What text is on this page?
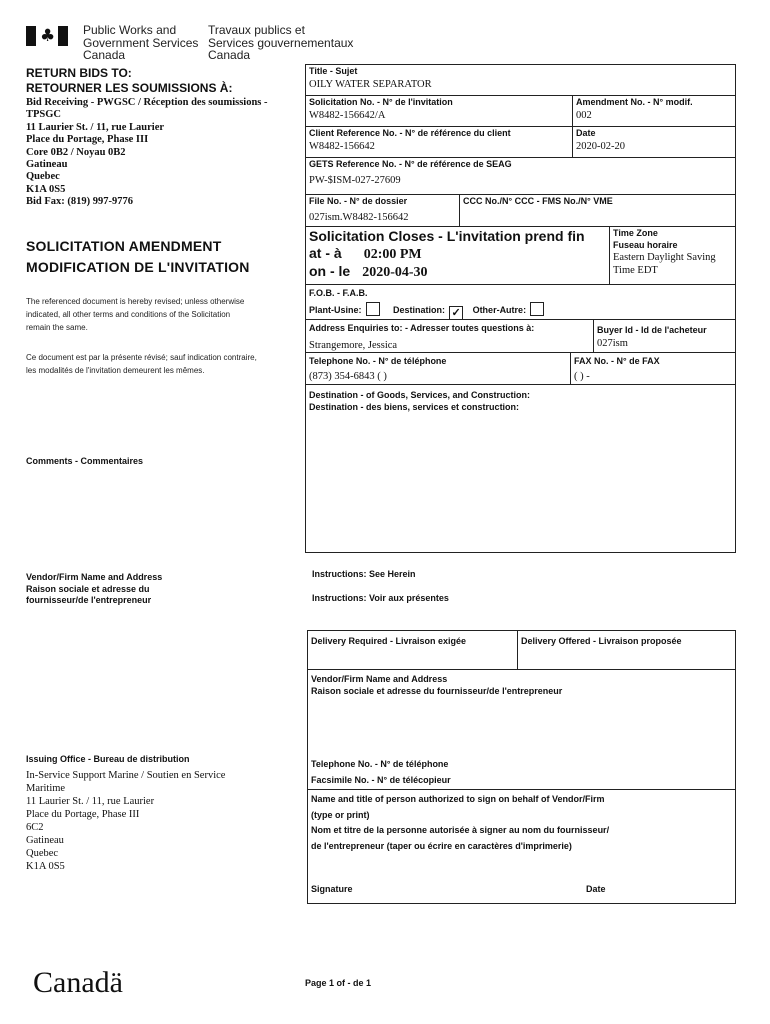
♣ Public Works and
Government Services
Canada
Travaux publics et
Services gouvernementaux
Canada
RETURN BIDS TO:
RETOURNER LES SOUMISSIONS À:
Bid Receiving - PWGSC / Réception des soumissions -
TPSGC
11 Laurier St. / 11, rue Laurier
Place du Portage, Phase III
Core 0B2 / Noyau 0B2
Gatineau
Quebec
K1A 0S5
Bid Fax: (819) 997-9776
SOLICITATION AMENDMENT
MODIFICATION DE L'INVITATION
The referenced document is hereby revised; unless otherwise
indicated, all other terms and conditions of the Solicitation
remain the same.
Ce document est par la présente révisé; sauf indication contraire,
les modalités de l'invitation demeurent les mêmes.
Comments - Commentaires
Vendor/Firm Name and Address
Raison sociale et adresse du
fournisseur/de l'entrepreneur
Issuing Office - Bureau de distribution
In-Service Support Marine / Soutien en Service
Maritime
11 Laurier St. / 11, rue Laurier
Place du Portage, Phase III
6C2
Gatineau
Quebec
K1A 0S5
Title - Sujet
OILY WATER SEPARATOR
Solicitation No. - N° de l'invitation
W8482-156642/A
Amendment No. - N° modif.
002
Client Reference No. - N° de référence du client
W8482-156642
Date
2020-02-20
GETS Reference No. - N° de référence de SEAG
PW-$ISM-027-27609
File No. - N° de dossier
027ism.W8482-156642
CCC No./N° CCC - FMS No./N° VME
Solicitation Closes - L'invitation prend fin
at - à 02:00 PM
on - le 2020-04-30
Time Zone
Fuseau horaire
Eastern Daylight Saving
Time EDT
F.O.B. - F.A.B.
Plant-Usine:	Destination: ✓ Other-Autre:
Address Enquiries to: - Adresser toutes questions à:
Strangemore, Jessica
Buyer Id - Id de l'acheteur
027ism
Telephone No. - N° de téléphone
(873) 354-6843 ( )
FAX No. - N° de FAX
( ) -
Destination - of Goods, Services, and Construction:
Destination - des biens, services et construction:
Instructions: See Herein
Instructions: Voir aux présentes
Delivery Required - Livraison exigée	Delivery Offered - Livraison proposée
Vendor/Firm Name and Address
Raison sociale et adresse du fournisseur/de l'entrepreneur
Telephone No. - N° de téléphone
Facsimile No. - N° de télécopieur
Name and title of person authorized to sign on behalf of Vendor/Firm
(type or print)
Nom et titre de la personne autorisée à signer au nom du fournisseur/
de l'entrepreneur (taper ou écrire en caractères d'imprimerie)
Signature	Date
Canadä	Page 1 of - de 1
